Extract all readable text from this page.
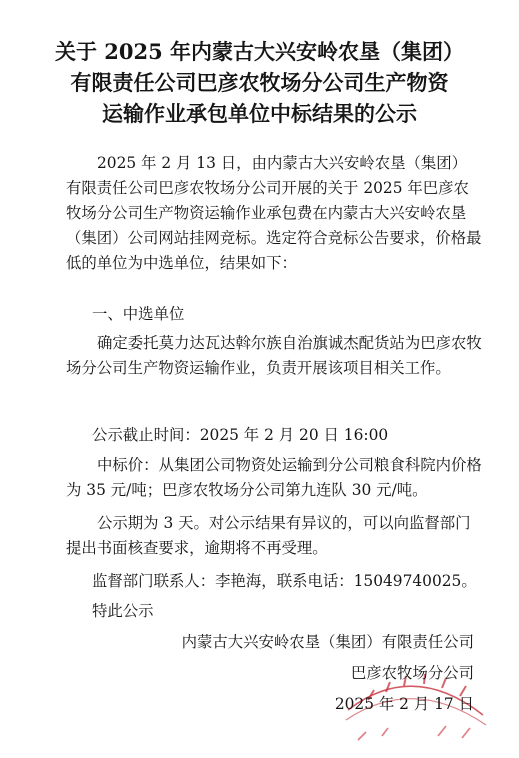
关于 2025 年内蒙古大兴安岭农垦（集团）
有限责任公司巴彦农牧场分公司生产物资
运输作业承包单位中标结果的公示

2025 年 2 月 13 日，由内蒙古大兴安岭农垦（集团）有限责任公司巴彦农牧场分公司开展的关于 2025 年巴彦农牧场分公司生产物资运输作业承包费在内蒙古大兴安岭农垦（集团）公司网站挂网竞标。选定符合竞标公告要求，价格最低的单位为中选单位，结果如下：

一、中选单位

确定委托莫力达瓦达斡尔族自治旗诚杰配货站为巴彦农牧场分公司生产物资运输作业，负责开展该项目相关工作。

公示截止时间：2025 年 2 月 20 日 16:00

中标价：从集团公司物资处运输到分公司粮食科院内价格为 35 元/吨；巴彦农牧场分公司第九连队 30 元/吨。

公示期为 3 天。对公示结果有异议的，可以向监督部门提出书面核查要求，逾期将不再受理。

监督部门联系人：李艳海，联系电话：15049740025。
特此公示
内蒙古大兴安岭农垦（集团）有限责任公司
巴彦农牧场分公司
2025 年 2 月 17 日
